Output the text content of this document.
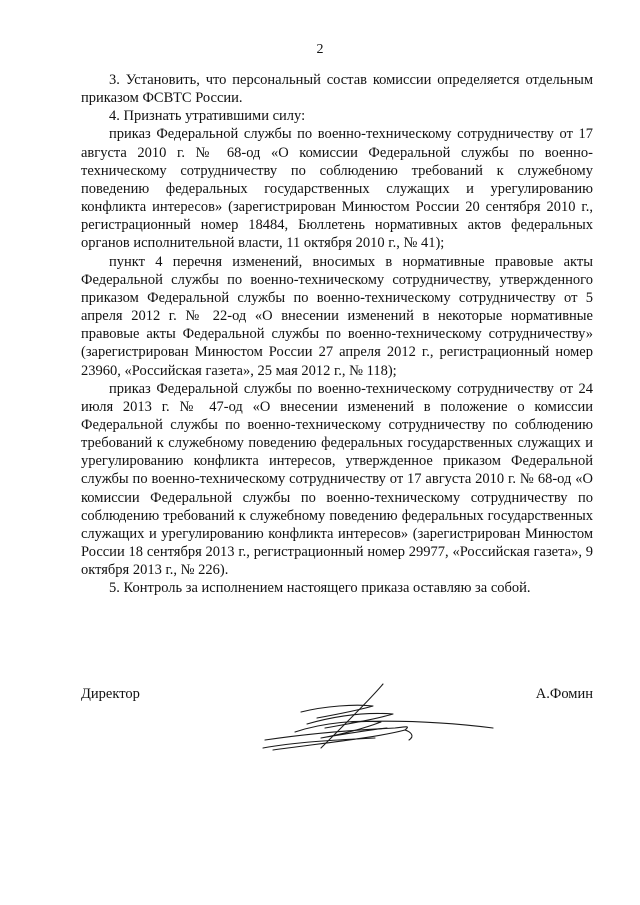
2

3. Установить, что персональный состав комиссии определяется отдельным приказом ФСВТС России.

4. Признать утратившими силу:

приказ Федеральной службы по военно-техническому сотрудничеству от 17 августа 2010 г. № 68-од «О комиссии Федеральной службы по военно-техническому сотрудничеству по соблюдению требований к служебному поведению федеральных государственных служащих и урегулированию конфликта интересов» (зарегистрирован Минюстом России 20 сентября 2010 г., регистрационный номер 18484, Бюллетень нормативных актов федеральных органов исполнительной власти, 11 октября 2010 г., № 41);

пункт 4 перечня изменений, вносимых в нормативные правовые акты Федеральной службы по военно-техническому сотрудничеству, утвержденного приказом Федеральной службы по военно-техническому сотрудничеству от 5 апреля 2012 г. № 22-од «О внесении изменений в некоторые нормативные правовые акты Федеральной службы по военно-техническому сотрудничеству» (зарегистрирован Минюстом России 27 апреля 2012 г., регистрационный номер 23960, «Российская газета», 25 мая 2012 г., № 118);

приказ Федеральной службы по военно-техническому сотрудничеству от 24 июля 2013 г. № 47-од «О внесении изменений в положение о комиссии Федеральной службы по военно-техническому сотрудничеству по соблюдению требований к служебному поведению федеральных государственных служащих и урегулированию конфликта интересов, утвержденное приказом Федеральной службы по военно-техническому сотрудничеству от 17 августа 2010 г. № 68-од «О комиссии Федеральной службы по военно-техническому сотрудничеству по соблюдению требований к служебному поведению федеральных государственных служащих и урегулированию конфликта интересов» (зарегистрирован Минюстом России 18 сентября 2013 г., регистрационный номер 29977, «Российская газета», 9 октября 2013 г., № 226).

5. Контроль за исполнением настоящего приказа оставляю за собой.

Директор	А.Фомин
